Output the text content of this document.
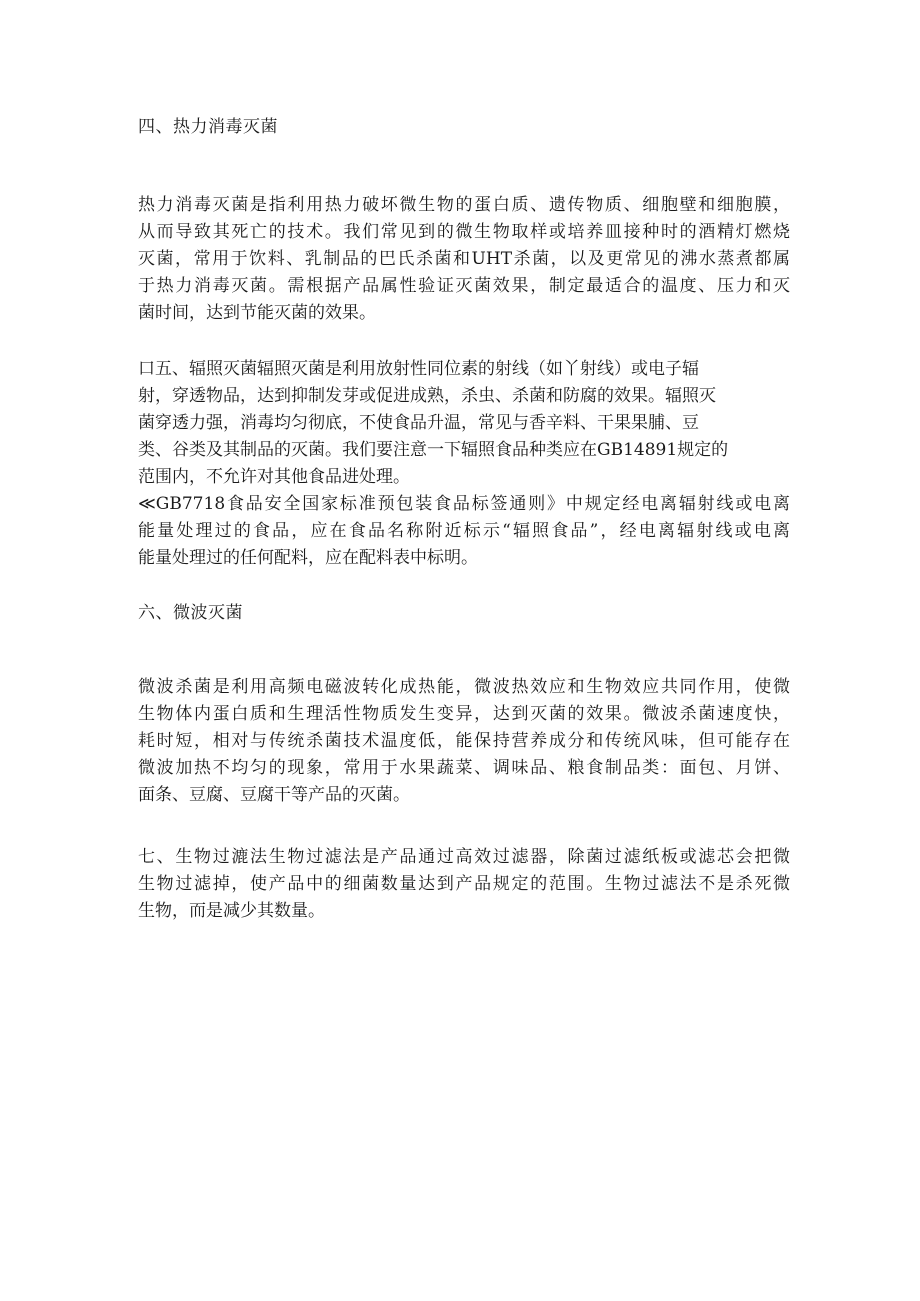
四、热力消毒灭菌
热力消毒灭菌是指利用热力破坏微生物的蛋白质、遗传物质、细胞壁和细胞膜，
从而导致其死亡的技术。我们常见到的微生物取样或培养皿接种时的酒精灯燃烧
灭菌，常用于饮料、乳制品的巴氏杀菌和UHT杀菌，以及更常见的沸水蒸煮都属
于热力消毒灭菌。需根据产品属性验证灭菌效果，制定最适合的温度、压力和灭
菌时间，达到节能灭菌的效果。
口五、辐照灭菌辐照灭菌是利用放射性同位素的射线（如丫射线）或电子辐
射，穿透物品，达到抑制发芽或促进成熟，杀虫、杀菌和防腐的效果。辐照灭
菌穿透力强，消毒均匀彻底，不使食品升温，常见与香辛料、干果果脯、豆
类、谷类及其制品的灭菌。我们要注意一下辐照食品种类应在GB14891规定的
范围内，不允许对其他食品进处理。
≪GB7718食品安全国家标准预包装食品标签通则》中规定经电离辐射线或电离
能量处理过的食品，应在食品名称附近标示“辐照食品”，经电离辐射线或电离
能量处理过的任何配料，应在配料表中标明。
六、微波灭菌
微波杀菌是利用高频电磁波转化成热能，微波热效应和生物效应共同作用，使微
生物体内蛋白质和生理活性物质发生变异，达到灭菌的效果。微波杀菌速度快，
耗时短，相对与传统杀菌技术温度低，能保持营养成分和传统风味，但可能存在
微波加热不均匀的现象，常用于水果蔬菜、调味品、粮食制品类：面包、月饼、
面条、豆腐、豆腐干等产品的灭菌。
七、生物过漉法生物过滤法是产品通过高效过滤器，除菌过滤纸板或滤芯会把微
生物过滤掉，使产品中的细菌数量达到产品规定的范围。生物过滤法不是杀死微
生物，而是减少其数量。
